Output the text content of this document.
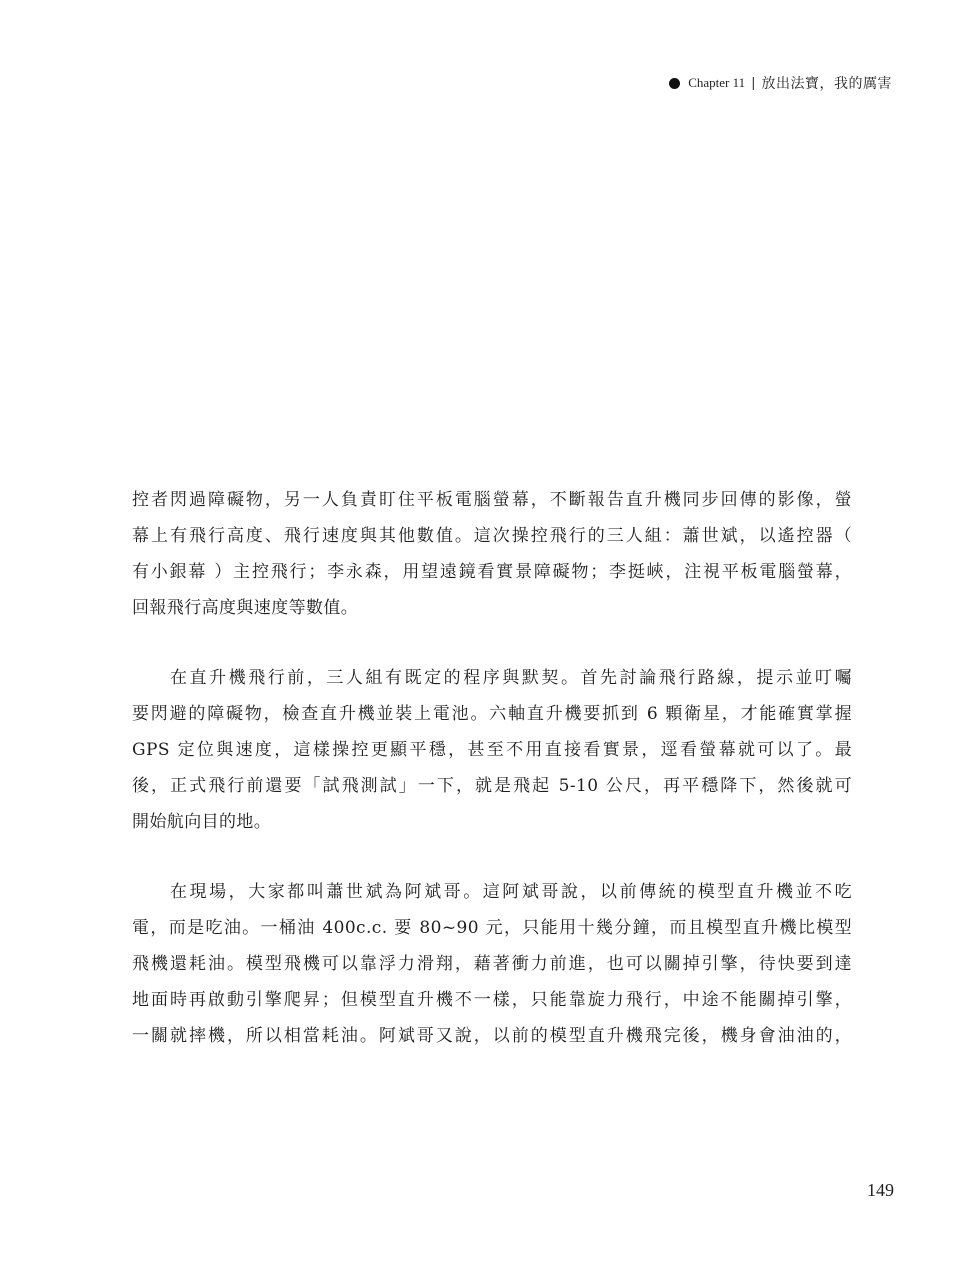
Chapter 11 | 放出法寶，我的厲害
控者閃過障礙物，另一人負責盯住平板電腦螢幕，不斷報告直升機同步回傳的影像，螢
幕上有飛行高度、飛行速度與其他數值。這次操控飛行的三人組：蕭世斌，以遙控器（
有小銀幕 ）主控飛行；李永森，用望遠鏡看實景障礙物；李挺峽，注視平板電腦螢幕，
回報飛行高度與速度等數值。
在直升機飛行前，三人組有既定的程序與默契。首先討論飛行路線，提示並叮囑
要閃避的障礙物，檢查直升機並裝上電池。六軸直升機要抓到 6 顆衛星，才能確實掌握
GPS 定位與速度，這樣操控更顯平穩，甚至不用直接看實景，逕看螢幕就可以了。最
後，正式飛行前還要「試飛測試」一下，就是飛起 5-10 公尺，再平穩降下，然後就可
開始航向目的地。
在現場，大家都叫蕭世斌為阿斌哥。這阿斌哥說，以前傳統的模型直升機並不吃
電，而是吃油。一桶油 400c.c. 要 80~90 元，只能用十幾分鐘，而且模型直升機比模型
飛機還耗油。模型飛機可以靠浮力滑翔，藉著衝力前進，也可以關掉引擎，待快要到達
地面時再啟動引擎爬昇；但模型直升機不一樣，只能靠旋力飛行，中途不能關掉引擎，
一關就摔機，所以相當耗油。阿斌哥又說，以前的模型直升機飛完後，機身會油油的，
149
